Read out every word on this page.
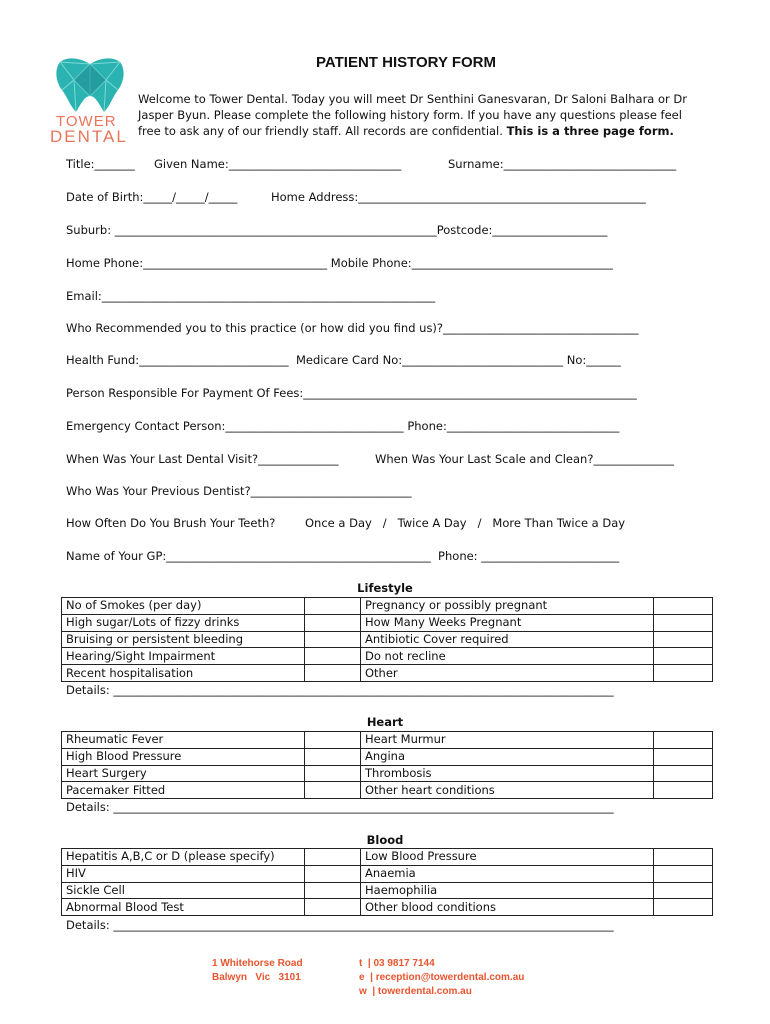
TOWER
DENTAL
PATIENT HISTORY FORM
Welcome to Tower Dental. Today you will meet Dr Senthini Ganesvaran, Dr Saloni Balhara or Dr Jasper Byun. Please complete the following history form. If you have any questions please feel free to ask any of our friendly staff. All records are confidential. This is a three page form.
Title:_______ Given Name:______________________________	Surname:______________________________
Date of Birth:_____/_____/_____	Home Address:__________________________________________________
Suburb: ________________________________________________________Postcode:____________________
Home Phone:________________________________ Mobile Phone:___________________________________
Email:__________________________________________________________
Who Recommended you to this practice (or how did you find us)?__________________________________
Health Fund:__________________________  Medicare Card No:____________________________ No:______
Person Responsible For Payment Of Fees:__________________________________________________________
Emergency Contact Person:_______________________________ Phone:______________________________
When Was Your Last Dental Visit?______________	When Was Your Last Scale and Clean?______________
Who Was Your Previous Dentist?____________________________
How Often Do You Brush Your Teeth?	Once a Day   /   Twice A Day   /   More Than Twice a Day
Name of Your GP:______________________________________________  Phone: ________________________
Lifestyle
No of Smokes (per day)		Pregnancy or possibly pregnant	
High sugar/Lots of fizzy drinks		How Many Weeks Pregnant	
Bruising or persistent bleeding		Antibiotic Cover required	
Hearing/Sight Impairment		Do not recline	
Recent hospitalisation		Other	
Details: _______________________________________________________________________________________
Heart
Rheumatic Fever		Heart Murmur	
High Blood Pressure		Angina	
Heart Surgery		Thrombosis	
Pacemaker Fitted		Other heart conditions	
Details: _______________________________________________________________________________________
Blood
Hepatitis A,B,C or D (please specify)		Low Blood Pressure	
HIV		Anaemia	
Sickle Cell		Haemophilia	
Abnormal Blood Test		Other blood conditions	
Details: _______________________________________________________________________________________
1 Whitehorse Road
Balwyn   Vic   3101
t  | 03 9817 7144
e  | reception@towerdental.com.au
w  | towerdental.com.au
